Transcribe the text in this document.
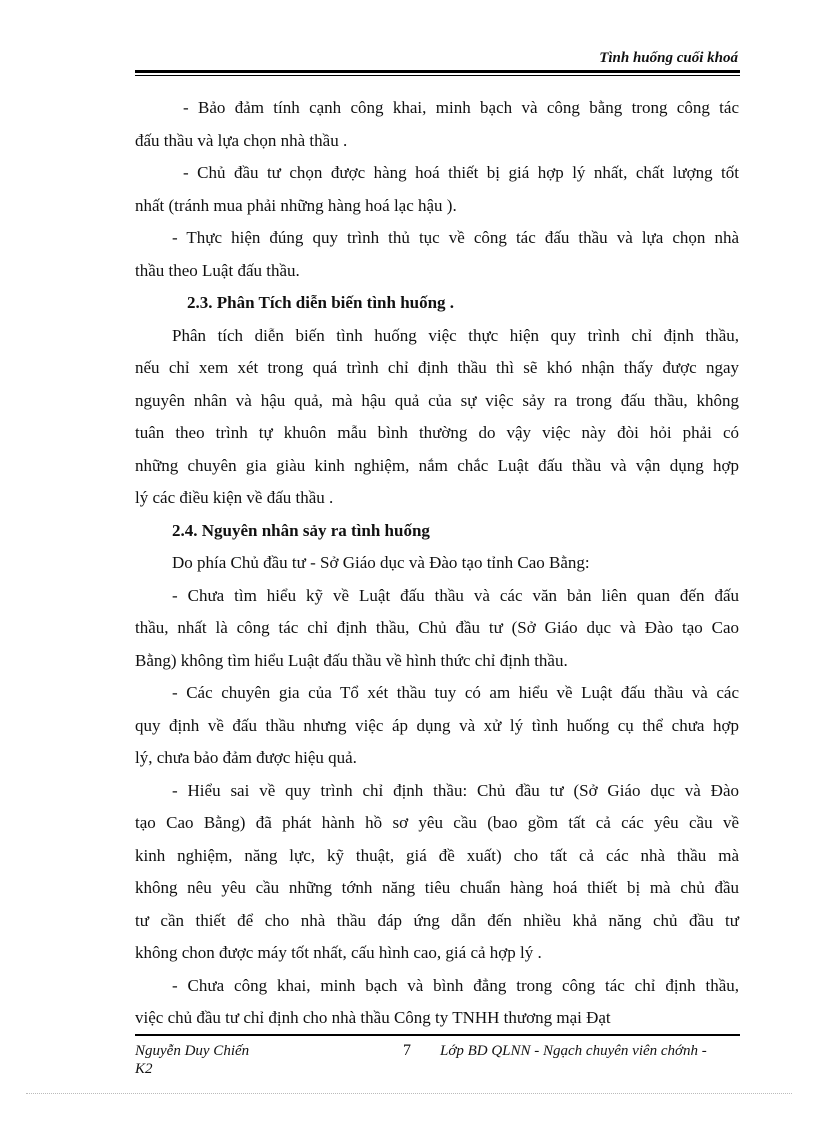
Tình huống cuối khoá
- Bảo đảm tính cạnh công khai, minh bạch và công bằng trong công tác
đấu thầu và lựa chọn nhà thầu .
- Chủ đầu tư chọn được hàng hoá thiết bị giá hợp lý nhất, chất lượng tốt
nhất (tránh mua phải những hàng hoá lạc hậu ).
- Thực hiện đúng quy trình thủ tục về công tác đấu thầu và lựa chọn nhà
thầu theo Luật đấu thầu.
2.3. Phân Tích diễn biến tình huống .
Phân tích diễn biến tình huống việc thực hiện quy trình chỉ định thầu,
nếu chỉ xem xét trong quá trình chỉ định thầu thì sẽ khó nhận thấy được ngay
nguyên nhân và hậu quả, mà hậu quả của sự việc sảy ra trong đấu thầu, không
tuân theo trình tự khuôn mẫu bình thường do vậy việc này đòi hỏi phải có
những chuyên gia giàu kinh nghiệm, nắm chắc Luật đấu thầu và vận dụng hợp
lý các điều kiện về đấu thầu .
2.4. Nguyên nhân sảy ra tình huống
Do phía Chủ đầu tư - Sở Giáo dục và Đào tạo tỉnh Cao Bằng:
- Chưa tìm hiểu kỹ về Luật đấu thầu và các văn bản liên quan đến đấu
thầu, nhất là công tác chỉ định thầu, Chủ đầu tư (Sở Giáo dục và Đào tạo Cao
Bằng) không tìm hiểu Luật đấu thầu về hình thức chỉ định thầu.
- Các chuyên gia của Tổ xét thầu tuy có am hiểu về Luật đấu thầu và các
quy định về đấu thầu nhưng việc áp dụng và xử lý tình huống cụ thể chưa hợp
lý, chưa bảo đảm được hiệu quả.
- Hiểu sai về quy trình chỉ định thầu: Chủ đầu tư (Sở Giáo dục và Đào
tạo Cao Bằng) đã phát hành hồ sơ yêu cầu (bao gồm tất cả các yêu cầu về
kinh nghiệm, năng lực, kỹ thuật, giá đề xuất) cho tất cả các nhà thầu mà
không nêu yêu cầu những tớnh năng tiêu chuẩn hàng hoá thiết bị mà chủ đầu
tư cần thiết để cho nhà thầu đáp ứng dẫn đến nhiều khả năng chủ đầu tư
không chon được máy tốt nhất, cấu hình cao, giá cả hợp lý .
- Chưa công khai, minh bạch và bình đẳng trong công tác chỉ định thầu,
việc chủ đầu tư chỉ định cho nhà thầu Công ty TNHH thương mại Đạt
Nguyễn Duy Chiến
K2
7 Lớp BD QLNN - Ngạch chuyên viên chớnh -
